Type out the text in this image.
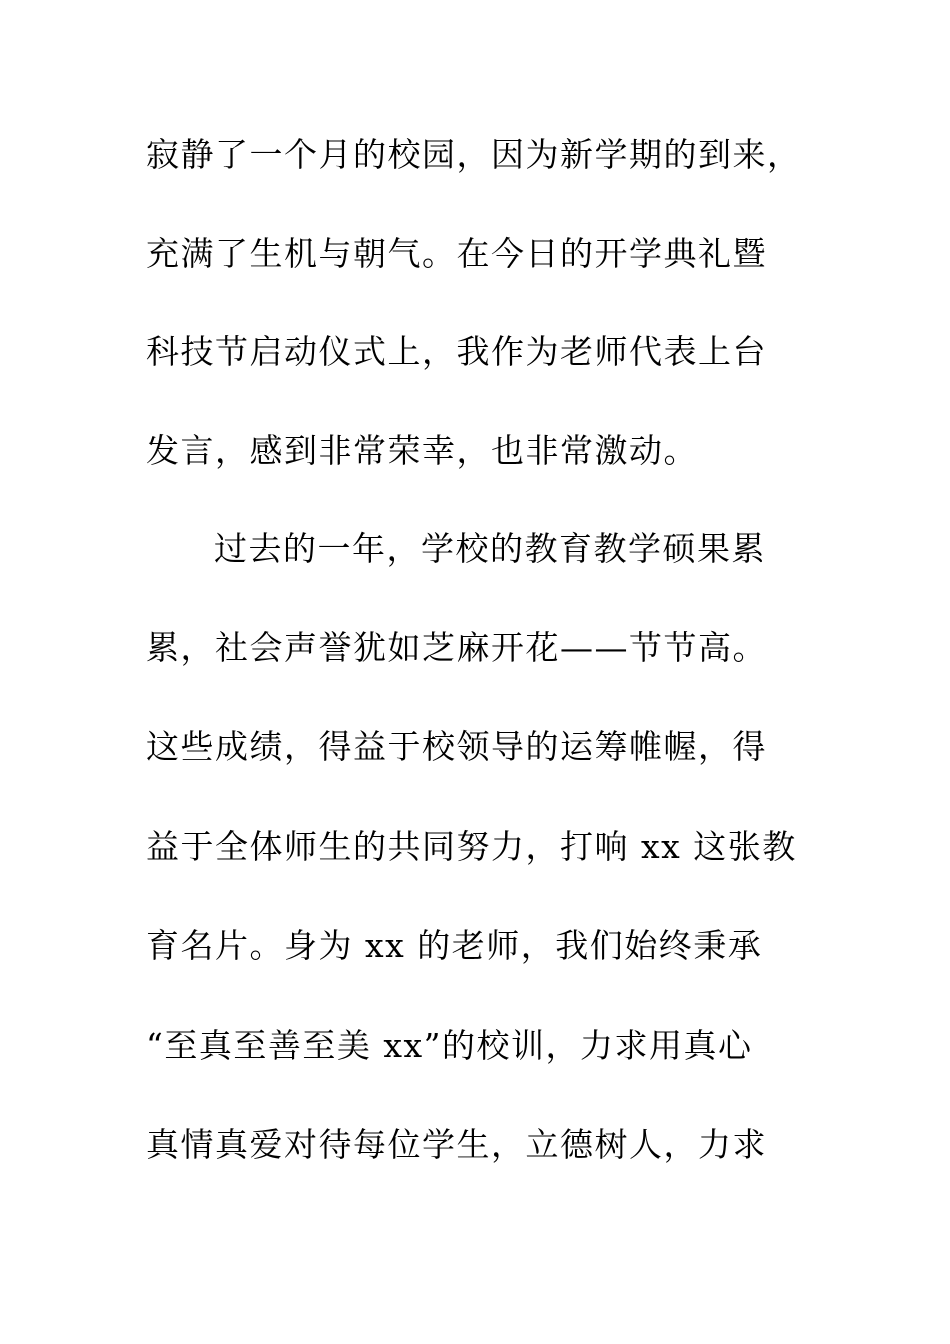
寂静了一个月的校园，因为新学期的到来，
充满了生机与朝气。在今日的开学典礼暨
科技节启动仪式上，我作为老师代表上台
发言，感到非常荣幸，也非常激动。
过去的一年，学校的教育教学硕果累
累，社会声誉犹如芝麻开花——节节高。
这些成绩，得益于校领导的运筹帷幄，得
益于全体师生的共同努力，打响 xx 这张教
育名片。身为 xx 的老师，我们始终秉承
“至真至善至美 xx”的校训，力求用真心
真情真爱对待每位学生，立德树人，力求
